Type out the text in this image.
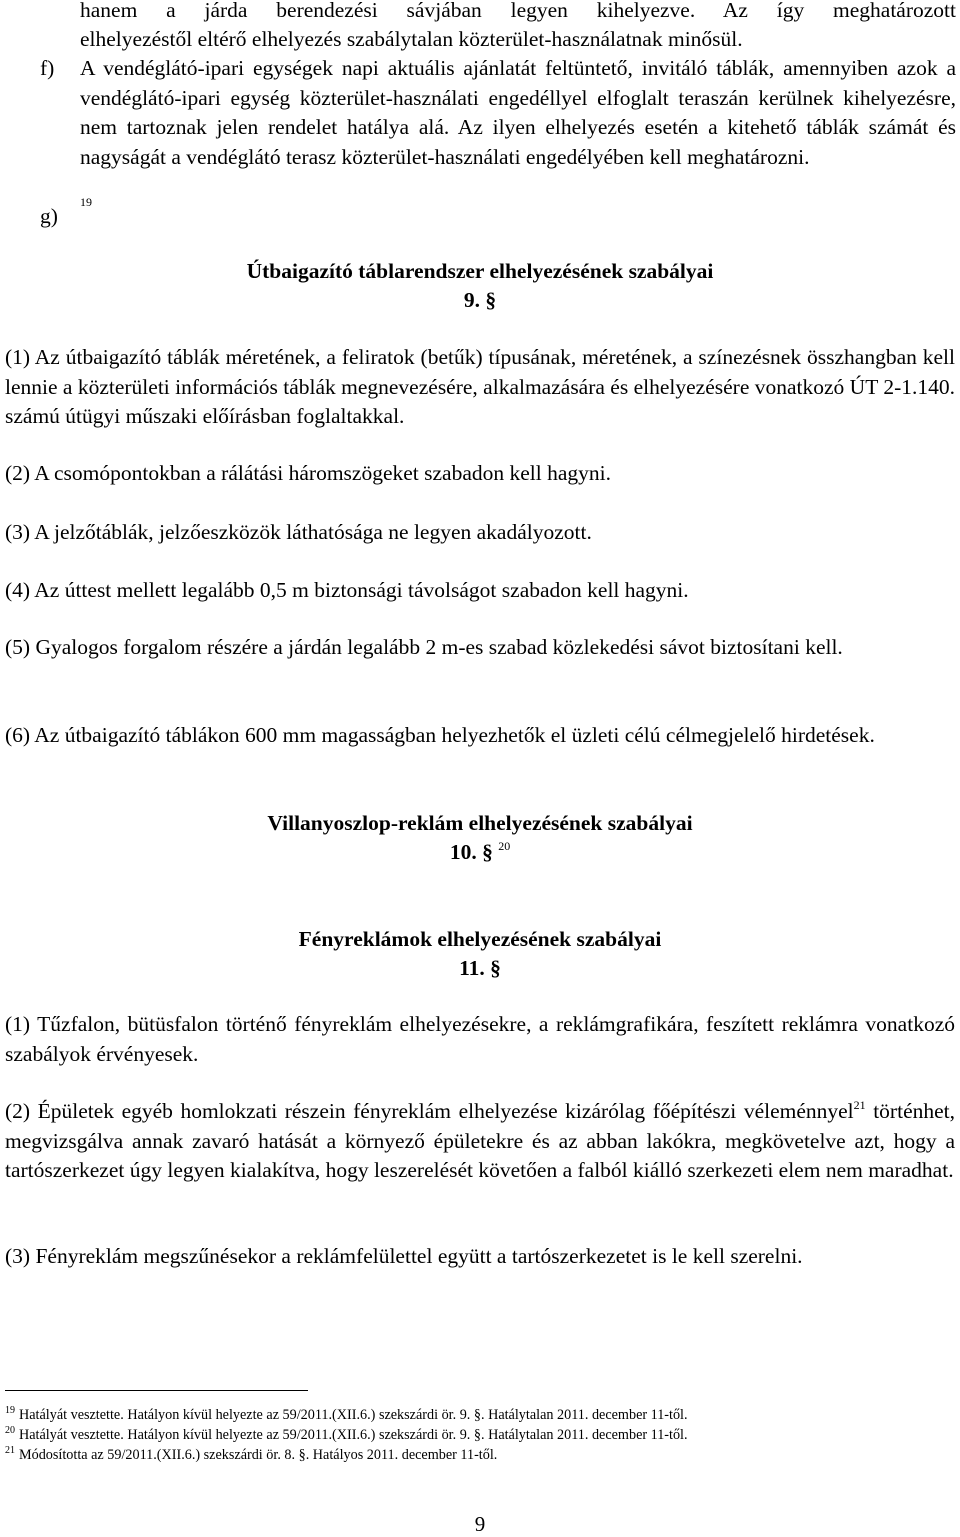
hanem a járda berendezési sávjában legyen kihelyezve. Az így meghatározott
elhelyezéstől eltérő elhelyezés szabálytalan közterület-használatnak minősül.
f) A vendéglátó-ipari egységek napi aktuális ajánlatát feltüntető, invitáló táblák, amennyiben azok a vendéglátó-ipari egység közterület-használati engedéllyel elfoglalt teraszán kerülnek kihelyezésre, nem tartoznak jelen rendelet hatálya alá. Az ilyen elhelyezés esetén a kitehető táblák számát és nagyságát a vendéglátó terasz közterület-használati engedélyében kell meghatározni.
g)
19
Útbaigazító táblarendszer elhelyezésének szabályai
9. §
(1) Az útbaigazító táblák méretének, a feliratok (betűk) típusának, méretének, a színezésnek összhangban kell lennie a közterületi információs táblák megnevezésére, alkalmazására és elhelyezésére vonatkozó ÚT 2-1.140. számú útügyi műszaki előírásban foglaltakkal.
(2) A csomópontokban a rálátási háromszögeket szabadon kell hagyni.
(3) A jelzőtáblák, jelzőeszközök láthatósága ne legyen akadályozott.
(4) Az úttest mellett legalább 0,5 m biztonsági távolságot szabadon kell hagyni.
(5) Gyalogos forgalom részére a járdán legalább 2 m-es szabad közlekedési sávot biztosítani kell.
(6) Az útbaigazító táblákon 600 mm magasságban helyezhetők el üzleti célú célmegjelelő hirdetések.
Villanyoszlop-reklám elhelyezésének szabályai
10. § $^{20}$
Fényreklámok elhelyezésének szabályai
11. §
(1) Tűzfalon, bütüsfalon történő fényreklám elhelyezésekre, a reklámgrafikára, feszített reklámra vonatkozó szabályok érvényesek.
(2) Épületek egyéb homlokzati részein fényreklám elhelyezése kizárólag főépítészi véleménnyel$^{21}$ történhet, megvizsgálva annak zavaró hatását a környező épületekre és az abban lakókra, megkövetelve azt, hogy a tartószerkezet úgy legyen kialakítva, hogy leszerelését követően a falból kiálló szerkezeti elem nem maradhat.
(3) Fényreklám megszűnésekor a reklámfelülettel együtt a tartószerkezetet is le kell szerelni.
$^{19}$ Hatályát vesztette. Hatályon kívül helyezte az 59/2011.(XII.6.) szekszárdi ör. 9. §. Hatálytalan 2011. december 11-től.
$^{20}$ Hatályát vesztette. Hatályon kívül helyezte az 59/2011.(XII.6.) szekszárdi ör. 9. §. Hatálytalan 2011. december 11-től.
$^{21}$ Módosította az 59/2011.(XII.6.) szekszárdi ör. 8. §. Hatályos 2011. december 11-től.
9
